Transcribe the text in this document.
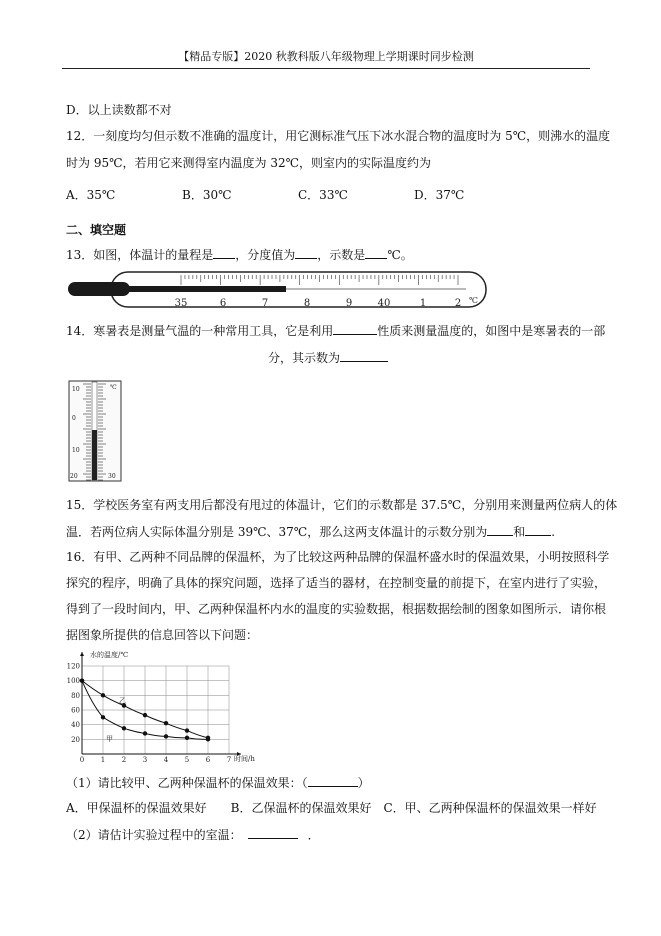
【精品专版】2020 秋教科版八年级物理上学期课时同步检测
D．以上读数都不对
12．一刻度均匀但示数不准确的温度计，用它测标准气压下冰水混合物的温度时为 5℃，则沸水的温度
时为 95℃，若用它来测得室内温度为 32℃，则室内的实际温度约为
A．35℃	B．30℃	C．33℃	D．37℃
二、填空题
13．如图，体温计的量程是 ，分度值为 ，示数是 ℃。
35	6	7	8	9	40	1	2 ℃
14．寒暑表是测量气温的一种常用工具，它是利用	性质来测量温度的，如图中是寒暑表的一部
分，其示数为
10
0
10
20
℃
30
15．学校医务室有两支用后都没有甩过的体温计，它们的示数都是 37.5℃，分别用来测量两位病人的体
温．若两位病人实际体温分别是 39℃、37℃，那么这两支体温计的示数分别为 和 .
16．有甲、乙两种不同品牌的保温杯，为了比较这两种品牌的保温杯盛水时的保温效果，小明按照科学
探究的程序，明确了具体的探究问题，选择了适当的器材，在控制变量的前提下，在室内进行了实验，
得到了一段时间内，甲、乙两种保温杯内水的温度的实验数据，根据数据绘制的图象如图所示．请你根
据图象所提供的信息回答以下问题：
0 1 2 3 4 5 6 7
20
40
60
80
100
120
水的温度/℃
时间/h
甲
乙
（1）请比较甲、乙两种保温杯的保温效果：（	）
A．甲保温杯的保温效果好　　B．乙保温杯的保温效果好　C．甲、乙两种保温杯的保温效果一样好
（2）请估计实验过程中的室温：	．
